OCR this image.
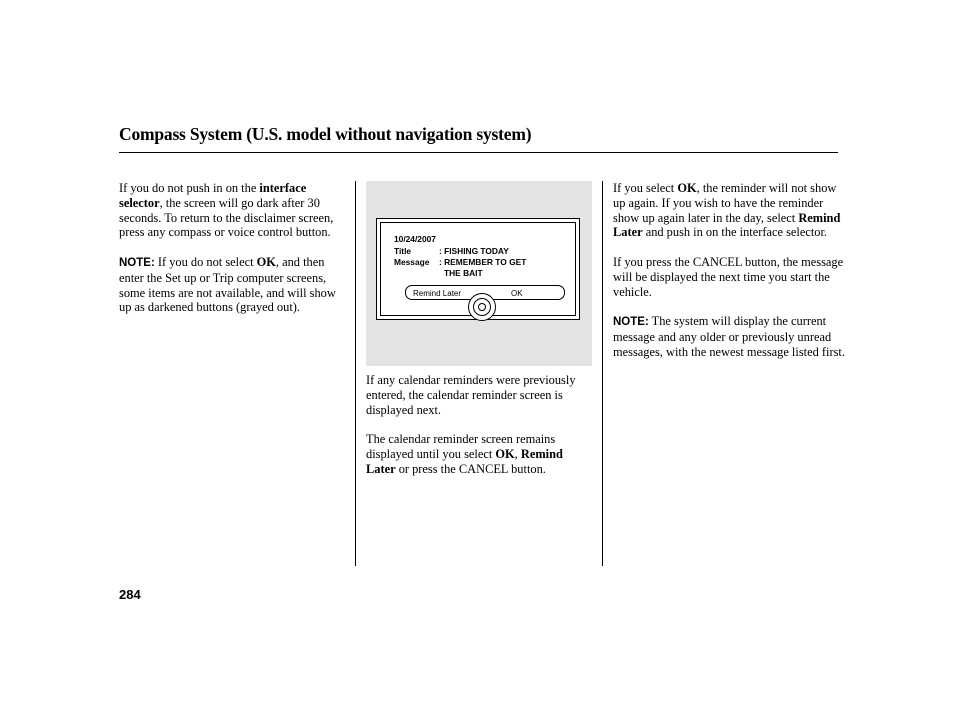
Compass System (U.S. model without navigation system)

If you do not push in on the interface selector, the screen will go dark after 30 seconds. To return to the disclaimer screen, press any compass or voice control button.

NOTE: If you do not select OK, and then enter the Set up or Trip computer screens, some items are not available, and will show up as darkened buttons (grayed out).

10/24/2007
Title	: FISHING TODAY
Message : REMEMBER TO GET
THE BAIT
Remind Later	OK

If any calendar reminders were previously entered, the calendar reminder screen is displayed next.

The calendar reminder screen remains displayed until you select OK, Remind Later or press the CANCEL button.

If you select OK, the reminder will not show up again. If you wish to have the reminder show up again later in the day, select Remind Later and push in on the interface selector.

If you press the CANCEL button, the message will be displayed the next time you start the vehicle.

NOTE: The system will display the current message and any older or previously unread messages, with the newest message listed first.

284
